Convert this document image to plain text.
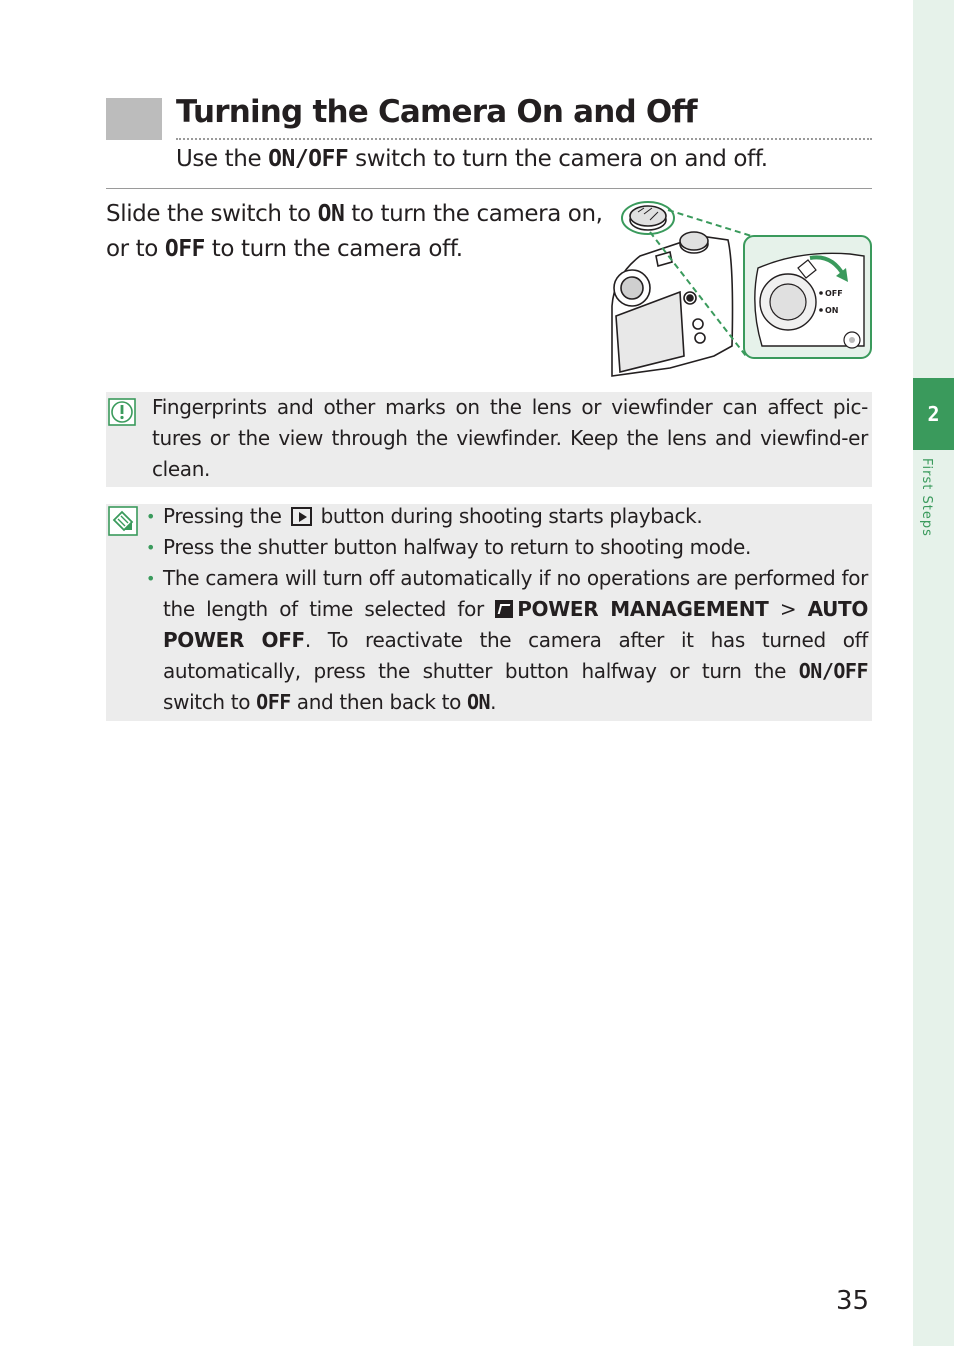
2
First Steps
Turning the Camera On and Off
Use the ON/OFF switch to turn the camera on and off.
Slide the switch to ON to turn the camera on, or to OFF to turn the camera off.
OFF
ON
Fingerprints and other marks on the lens or viewfinder can affect pic-tures or the view through the viewfinder. Keep the lens and viewfind-er clean.
• Pressing the  button during shooting starts playback.
• Press the shutter button halfway to return to shooting mode.
• The camera will turn off automatically if no operations are performed for the length of time selected for POWER MANAGEMENT > AUTO POWER OFF. To reactivate the camera after it has turned off automatically, press the shutter button halfway or turn the ON/OFF switch to OFF and then back to ON.
35
